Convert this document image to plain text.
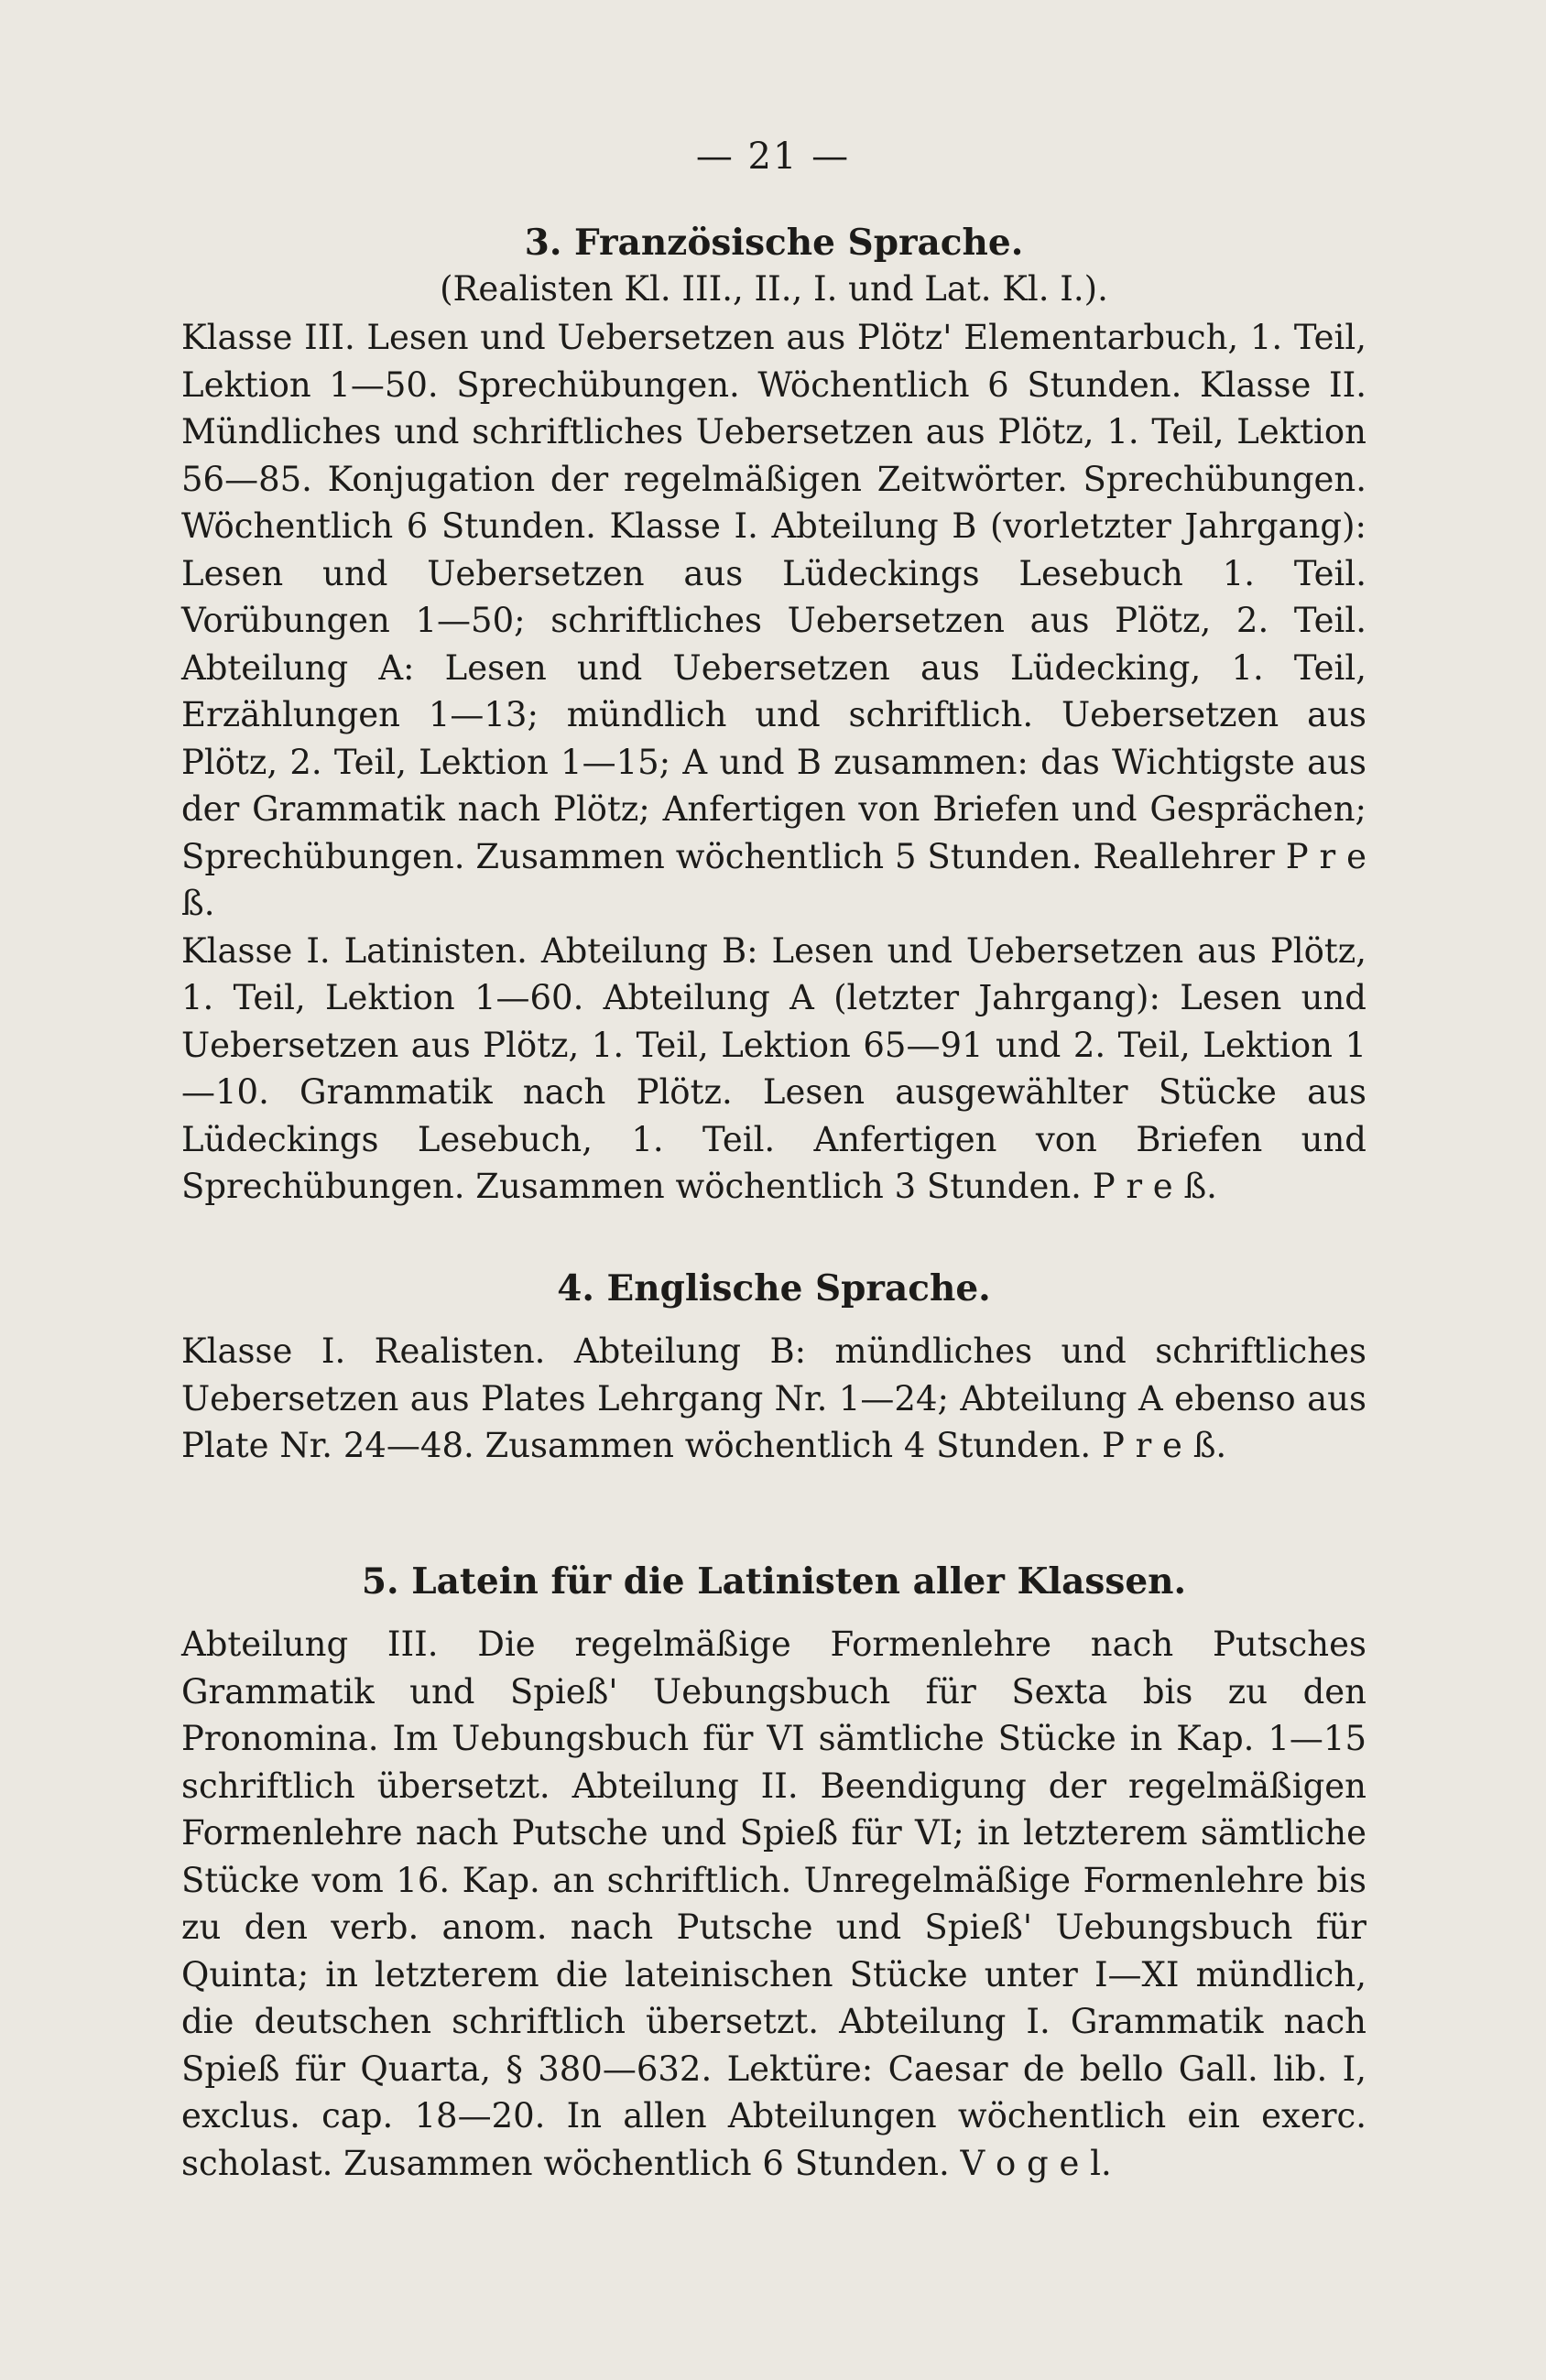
— 21 —
3. Französische Sprache.
(Realisten Kl. III., II., I. und Lat. Kl. I.).

Klasse III. Lesen und Uebersetzen aus Plötz' Elementarbuch, 1. Teil, Lektion 1—50. Sprechübungen. Wöchentlich 6 Stunden. Klasse II. Mündliches und schriftliches Uebersetzen aus Plötz, 1. Teil, Lektion 56—85. Konjugation der regelmäßigen Zeitwörter. Sprechübungen. Wöchentlich 6 Stunden. Klasse I. Abteilung B (vorletzter Jahrgang): Lesen und Uebersetzen aus Lüdeckings Lesebuch 1. Teil. Vorübungen 1—50; schriftliches Uebersetzen aus Plötz, 2. Teil. Abteilung A: Lesen und Uebersetzen aus Lüdecking, 1. Teil, Erzählungen 1—13; mündlich und schriftlich. Uebersetzen aus Plötz, 2. Teil, Lektion 1—15; A und B zusammen: das Wichtigste aus der Grammatik nach Plötz; Anfertigen von Briefen und Gesprächen; Sprechübungen. Zusammen wöchentlich 5 Stunden. Reallehrer P r e ß.

Klasse I. Latinisten. Abteilung B: Lesen und Uebersetzen aus Plötz, 1. Teil, Lektion 1—60. Abteilung A (letzter Jahrgang): Lesen und Uebersetzen aus Plötz, 1. Teil, Lektion 65—91 und 2. Teil, Lektion 1—10. Grammatik nach Plötz. Lesen ausgewählter Stücke aus Lüdeckings Lesebuch, 1. Teil. Anfertigen von Briefen und Sprechübungen. Zusammen wöchentlich 3 Stunden. P r e ß.

4. Englische Sprache.

Klasse I. Realisten. Abteilung B: mündliches und schriftliches Uebersetzen aus Plates Lehrgang Nr. 1—24; Abteilung A ebenso aus Plate Nr. 24—48. Zusammen wöchentlich 4 Stunden. P r e ß.

5. Latein für die Latinisten aller Klassen.

Abteilung III. Die regelmäßige Formenlehre nach Putsches Grammatik und Spieß' Uebungsbuch für Sexta bis zu den Pronomina. Im Uebungsbuch für VI sämtliche Stücke in Kap. 1—15 schriftlich übersetzt. Abteilung II. Beendigung der regelmäßigen Formenlehre nach Putsche und Spieß für VI; in letzterem sämtliche Stücke vom 16. Kap. an schriftlich. Unregelmäßige Formenlehre bis zu den verb. anom. nach Putsche und Spieß' Uebungsbuch für Quinta; in letzterem die lateinischen Stücke unter I—XI mündlich, die deutschen schriftlich übersetzt. Abteilung I. Grammatik nach Spieß für Quarta, § 380—632. Lektüre: Caesar de bello Gall. lib. I, exclus. cap. 18—20. In allen Abteilungen wöchentlich ein exerc. scholast. Zusammen wöchentlich 6 Stunden. V o g e l.
